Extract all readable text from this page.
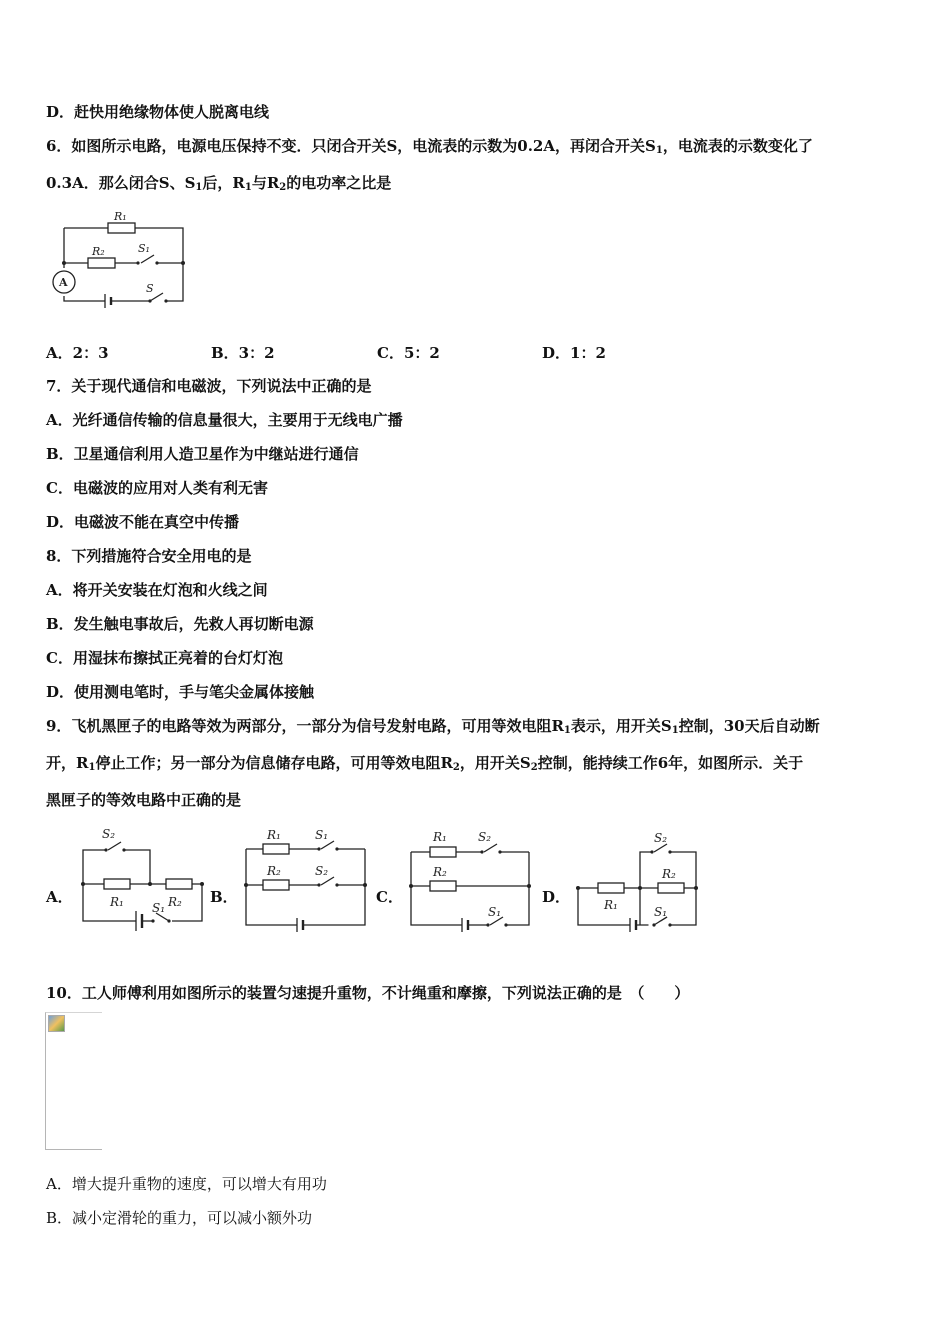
D．赶快用绝缘物体使人脱离电线
6．如图所示电路，电源电压保持不变．只闭合开关S，电流表的示数为0.2A，再闭合开关$S_1$，电流表的示数变化了
0.3A．那么闭合S、$S_1$后，$R_1$与$R_2$的电功率之比是
R₁
R₂	S₁
S
A
A．2：3	B．3：2	C．5：2	D．1：2
7．关于现代通信和电磁波，下列说法中正确的是
A．光纤通信传输的信息量很大，主要用于无线电广播
B．卫星通信利用人造卫星作为中继站进行通信
C．电磁波的应用对人类有利无害
D．电磁波不能在真空中传播
8．下列措施符合安全用电的是
A．将开关安装在灯泡和火线之间
B．发生触电事故后，先救人再切断电源
C．用湿抹布擦拭正亮着的台灯灯泡
D．使用测电笔时，手与笔尖金属体接触
9．飞机黑匣子的电路等效为两部分，一部分为信号发射电路，可用等效电阻$R_1$表示，用开关$S_1$控制，30天后自动断
开，$R_1$停止工作；另一部分为信息储存电路，可用等效电阻$R_2$，用开关$S_2$控制，能持续工作6年，如图所示．关于
黑匣子的等效电路中正确的是
A．	B．	C．	D．
S₂
R₁	R₂
S₁
R₁	S₁
R₂	S₂
R₁	S₂
R₂
S₁
S₂
R₂
R₁	S₁
10．工人师傅利用如图所示的装置匀速提升重物，不计绳重和摩擦，下列说法正确的是　（　　）
A．增大提升重物的速度，可以增大有用功
B．减小定滑轮的重力，可以减小额外功
